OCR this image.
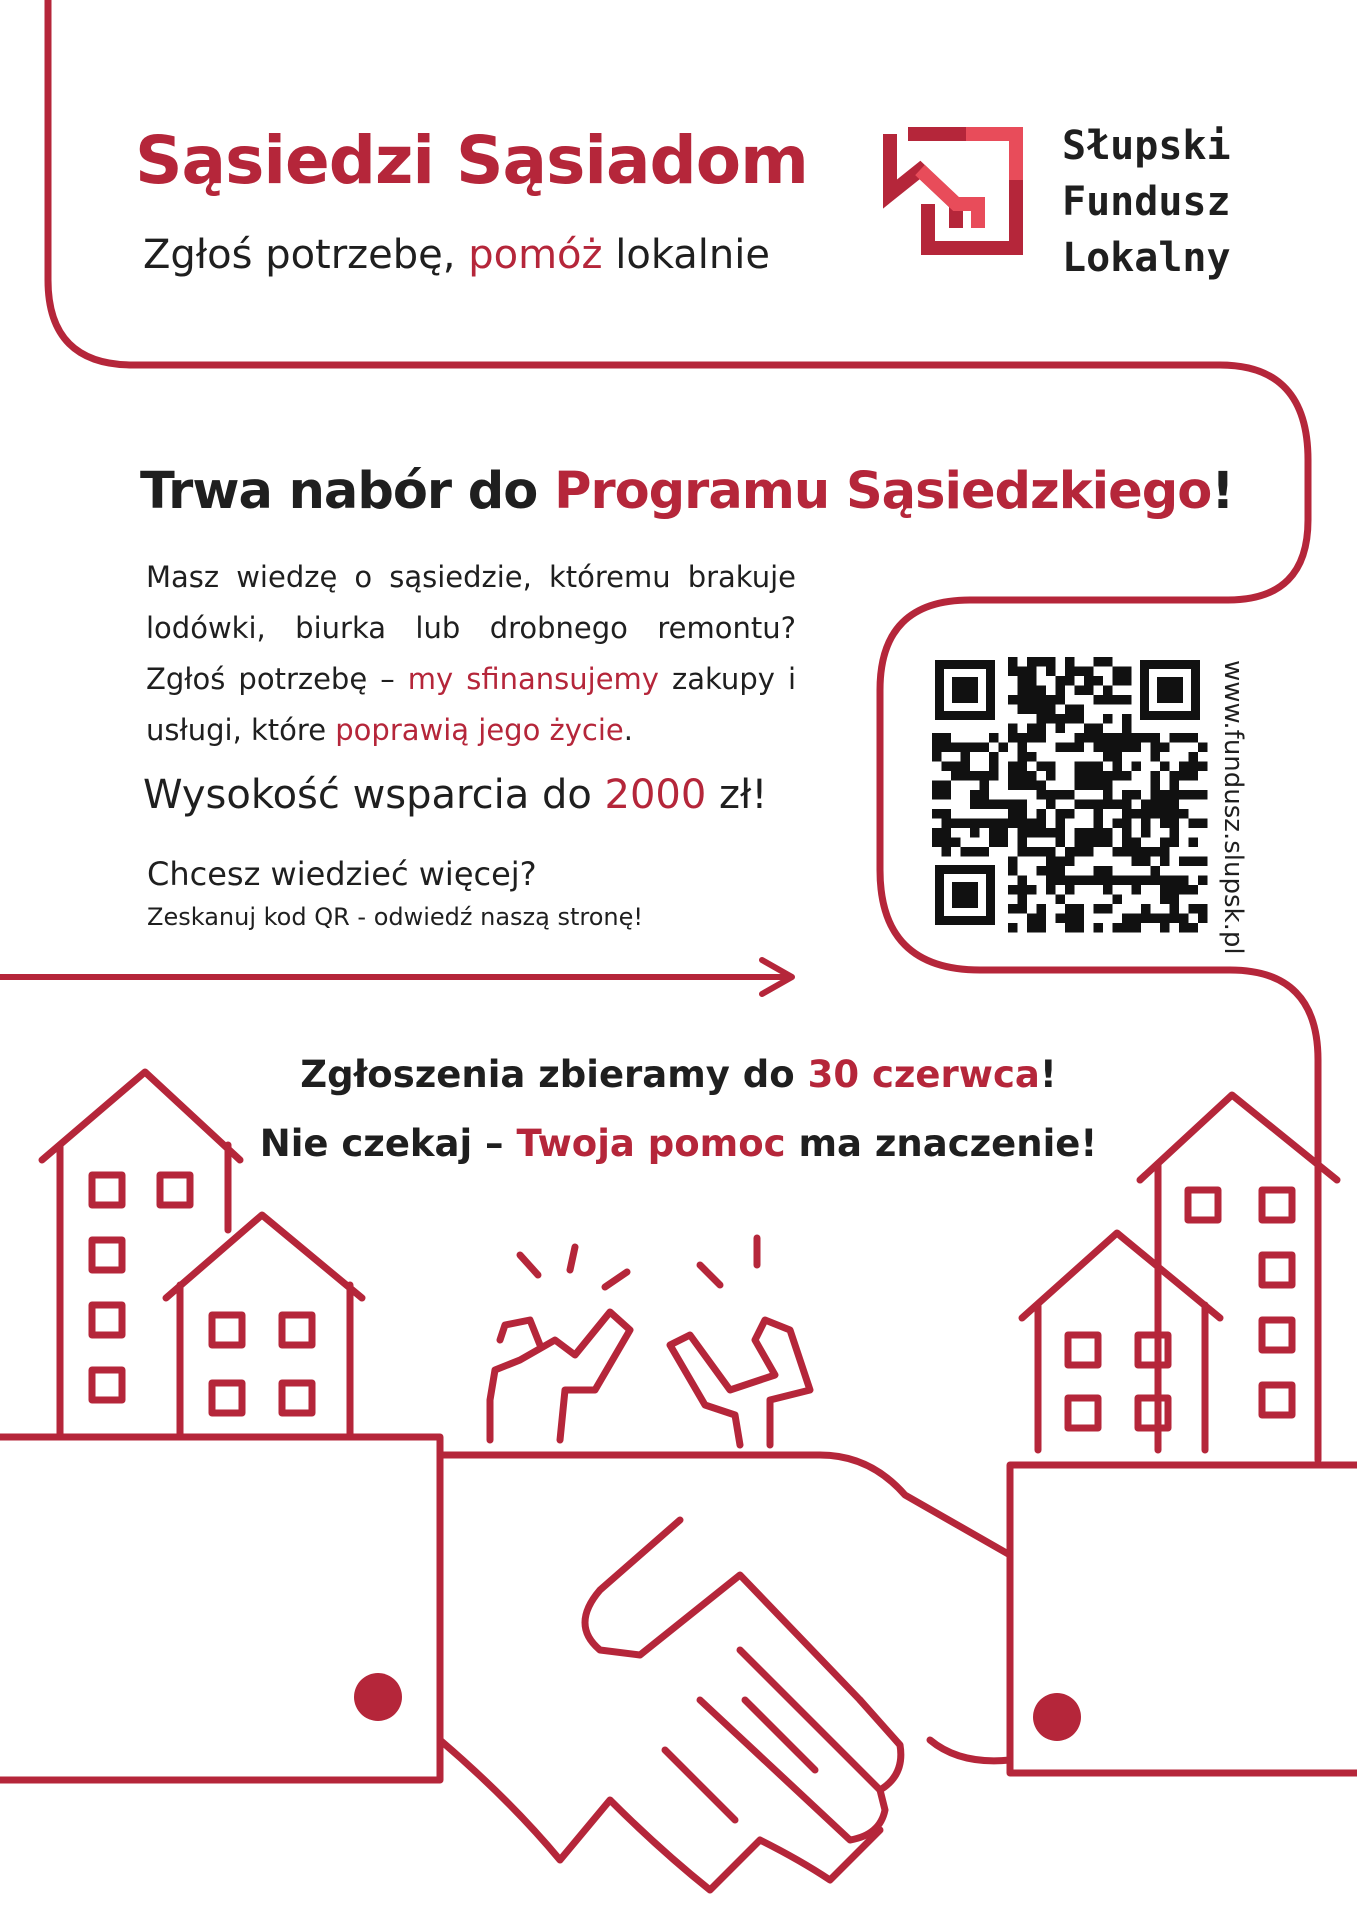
Sąsiedzi Sąsiadom
Zgłoś potrzebę, pomóż lokalnie
Słupski
Fundusz
Lokalny
Trwa nabór do Programu Sąsiedzkiego!
Masz wiedzę o sąsiedzie, któremu brakuje lodówki, biurka lub drobnego remontu? Zgłoś potrzebę – my sfinansujemy zakupy i usługi, które poprawią jego życie.
Wysokość wsparcia do 2000 zł!
Chcesz wiedzieć więcej?
Zeskanuj kod QR - odwiedź naszą stronę!	www.fundusz.slupsk.pl
Zgłoszenia zbieramy do 30 czerwca!
Nie czekaj – Twoja pomoc ma znaczenie!
